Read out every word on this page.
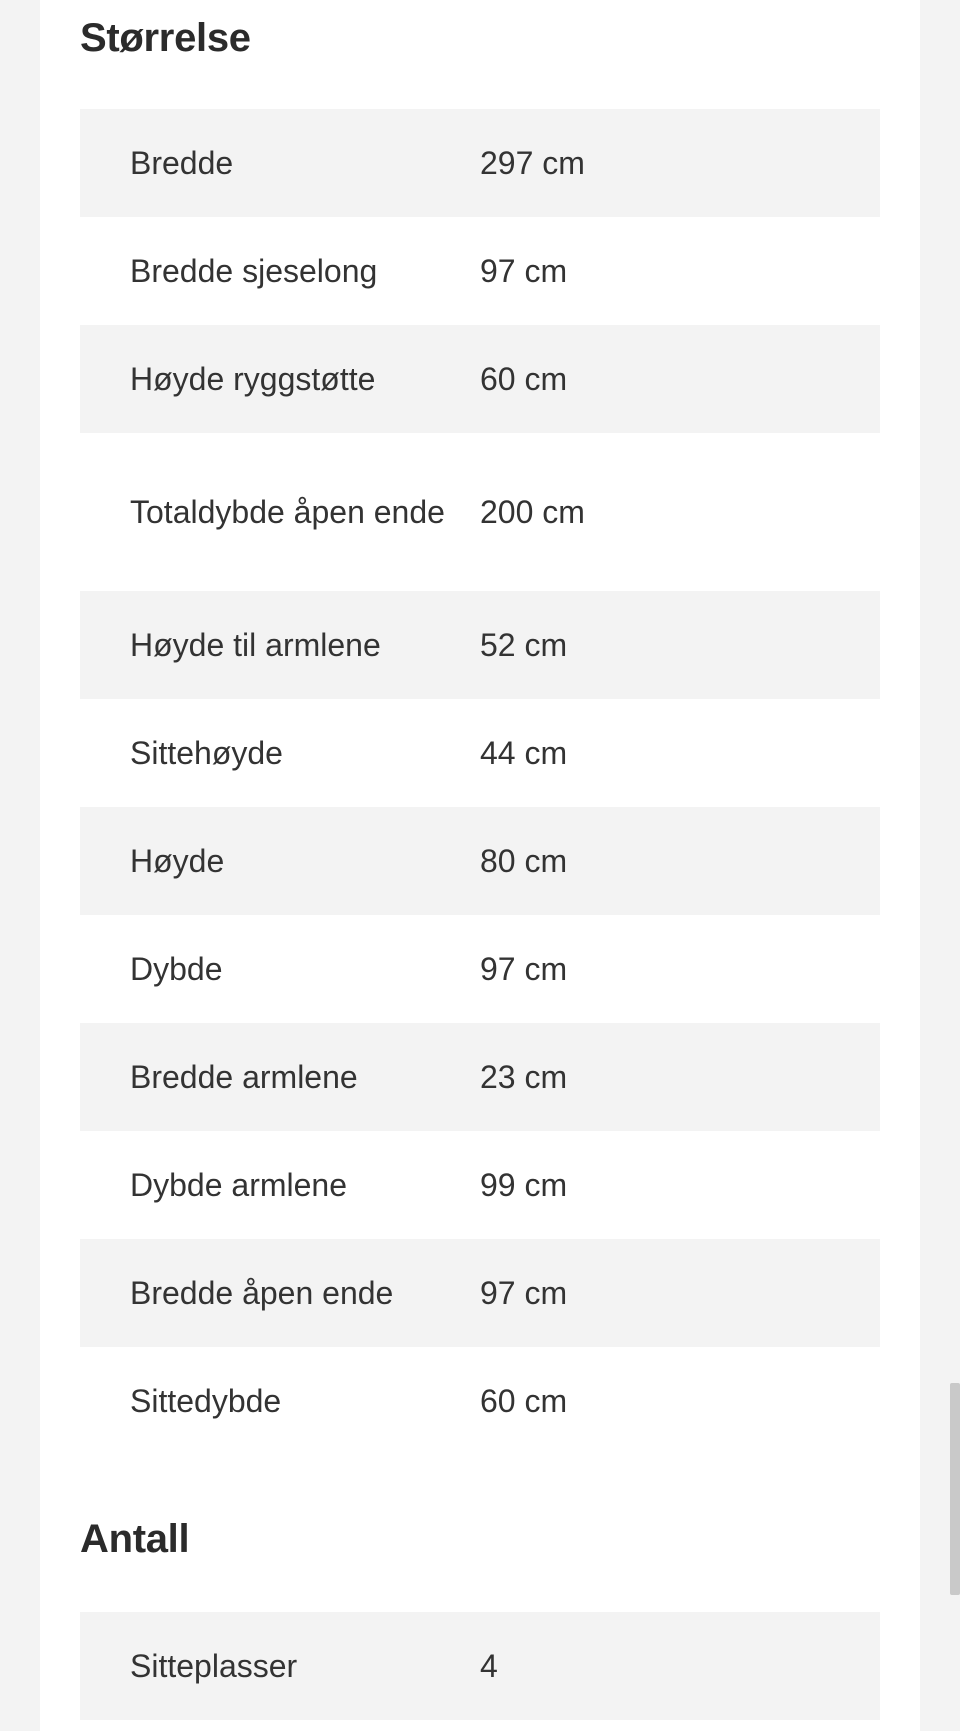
Størrelse
Bredde	297 cm
Bredde sjeselong	97 cm
Høyde ryggstøtte	60 cm
Totaldybde åpen ende	200 cm
Høyde til armlene	52 cm
Sittehøyde	44 cm
Høyde	80 cm
Dybde	97 cm
Bredde armlene	23 cm
Dybde armlene	99 cm
Bredde åpen ende	97 cm
Sittedybde	60 cm
Antall
Sitteplasser	4
